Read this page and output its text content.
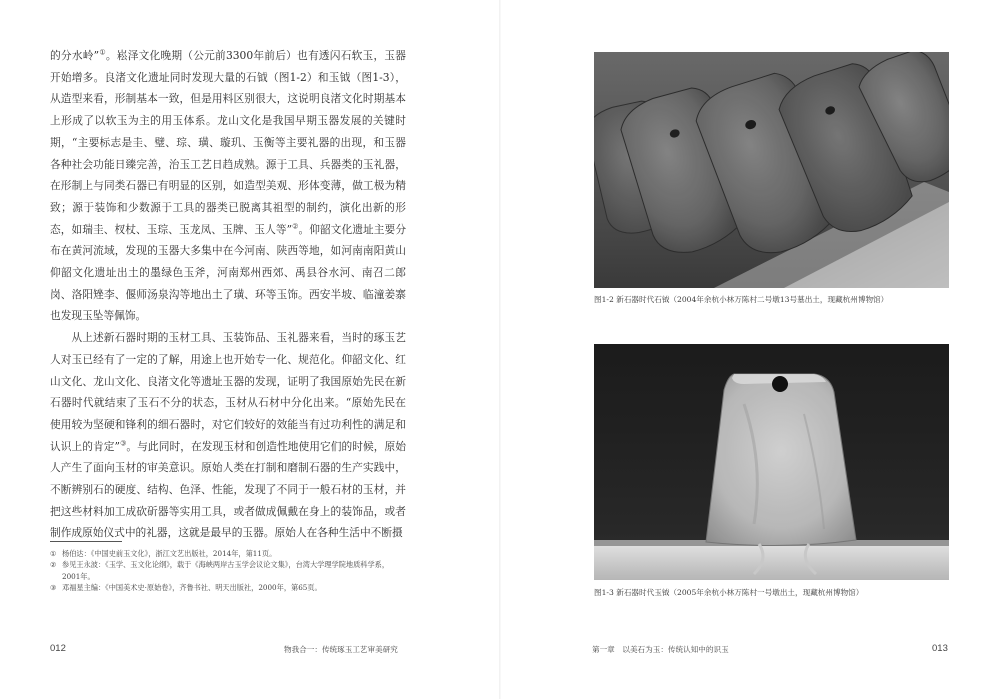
的分水岭”①。崧泽文化晚期（公元前3300年前后）也有透闪石软玉，玉器开始增多。良渚文化遗址同时发现大量的石钺（图1-2）和玉钺（图1-3），从造型来看，形制基本一致，但是用料区别很大，这说明良渚文化时期基本上形成了以软玉为主的用玉体系。龙山文化是我国早期玉器发展的关键时期，“主要标志是圭、璧、琮、璜、璇玑、玉衡等主要礼器的出现，和玉器各种社会功能日臻完善，治玉工艺日趋成熟。源于工具、兵器类的玉礼器，在形制上与同类石器已有明显的区别，如造型美观、形体变薄，做工极为精致；源于装饰和少数源于工具的器类已脱离其祖型的制约，演化出新的形态，如瑞圭、杈杖、玉琮、玉龙凤、玉牌、玉人等”②。仰韶文化遗址主要分布在黄河流域，发现的玉器大多集中在今河南、陕西等地，如河南南阳黄山仰韶文化遗址出土的墨绿色玉斧，河南郑州西郊、禹县谷水河、南召二郎岗、洛阳矬李、偃师汤泉沟等地出土了璜、环等玉饰。西安半坡、临潼姜寨也发现玉坠等佩饰。

从上述新石器时期的玉材工具、玉装饰品、玉礼器来看，当时的琢玉艺人对玉已经有了一定的了解，用途上也开始专一化、规范化。仰韶文化、红山文化、龙山文化、良渚文化等遗址玉器的发现，证明了我国原始先民在新石器时代就结束了玉石不分的状态，玉材从石材中分化出来。“原始先民在使用较为坚硬和锋利的细石器时，对它们较好的效能当有过功利性的满足和认识上的肯定”③。与此同时，在发现玉材和创造性地使用它们的时候，原始人产生了面向玉材的审美意识。原始人类在打制和磨制石器的生产实践中，不断辨别石的硬度、结构、色泽、性能，发现了不同于一般石材的玉材，并把这些材料加工成砍斫器等实用工具，或者做成佩戴在身上的装饰品，或者制作成原始仪式中的礼器，这就是最早的玉器。原始人在各种生活中不断摄

① 杨伯达：《中国史前玉文化》，浙江文艺出版社，2014年，第11页。
② 参见王永波：《玉学、玉文化论纲》，载于《海峡两岸古玉学会议论文集》，台湾大学理学院地质科学系，2001年。
③ 邓福星主编：《中国美术史·原始卷》，齐鲁书社、明天出版社，2000年，第65页。
012	物我合一：传统琢玉工艺审美研究
图1-2 新石器时代石钺（2004年余杭小林万陈村二号墩13号墓出土，现藏杭州博物馆）
图1-3 新石器时代玉钺（2005年余杭小林万陈村一号墩出土，现藏杭州博物馆）
第一章　以美石为玉：传统认知中的识玉	013
